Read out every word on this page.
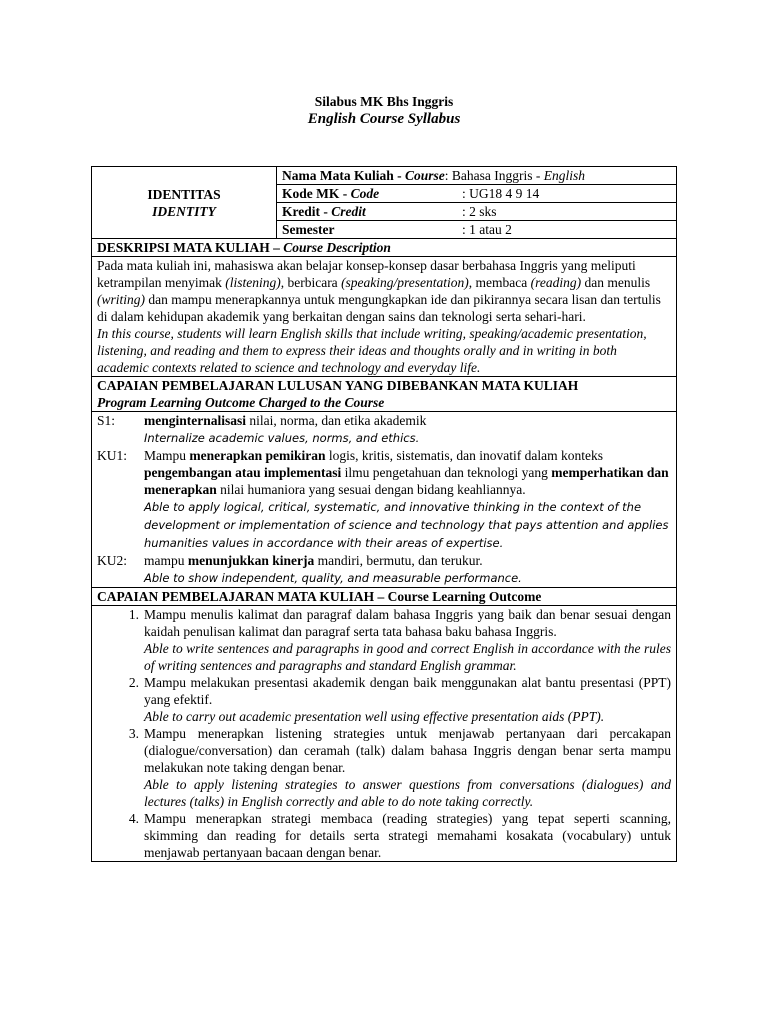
Silabus MK Bhs Inggris
English Course Syllabus
IDENTITAS
IDENTITY
	Nama Mata Kuliah - Course: Bahasa Inggris - English

Kode MK - Code	: UG18 4 9 14

Kredit - Credit	: 2 sks

Semester	: 1 atau 2

DESKRIPSI MATA KULIAH – Course Description

Pada mata kuliah ini, mahasiswa akan belajar konsep-konsep dasar berbahasa Inggris yang meliputi ketrampilan menyimak (listening), berbicara (speaking/presentation), membaca (reading) dan menulis (writing) dan mampu menerapkannya untuk mengungkapkan ide dan pikirannya secara lisan dan tertulis di dalam kehidupan akademik yang berkaitan dengan sains dan teknologi serta sehari-hari.
In this course, students will learn English skills that include writing, speaking/academic presentation, listening, and reading and them to express their ideas and thoughts orally and in writing in both academic contexts related to science and technology and everyday life.

CAPAIAN PEMBELAJARAN LULUSAN YANG DIBEBANKAN MATA KULIAH
Program Learning Outcome Charged to the Course

S1:	menginternalisasi nilai, norma, dan etika akademik
Internalize academic values, norms, and ethics.
KU1:	Mampu menerapkan pemikiran logis, kritis, sistematis, dan inovatif dalam konteks pengembangan atau implementasi ilmu pengetahuan dan teknologi yang memperhatikan dan menerapkan nilai humaniora yang sesuai dengan bidang keahliannya.
Able to apply logical, critical, systematic, and innovative thinking in the context of the development or implementation of science and technology that pays attention and applies humanities values in accordance with their areas of expertise.
KU2:	mampu menunjukkan kinerja mandiri, bermutu, dan terukur.
Able to show independent, quality, and measurable performance.

CAPAIAN PEMBELAJARAN MATA KULIAH – Course Learning Outcome

1. Mampu menulis kalimat dan paragraf dalam bahasa Inggris yang baik dan benar sesuai dengan kaidah penulisan kalimat dan paragraf serta tata bahasa baku bahasa Inggris.
Able to write sentences and paragraphs in good and correct English in accordance with the rules of writing sentences and paragraphs and standard English grammar.
2. Mampu melakukan presentasi akademik dengan baik menggunakan alat bantu presentasi (PPT) yang efektif.
Able to carry out academic presentation well using effective presentation aids (PPT).
3. Mampu menerapkan listening strategies untuk menjawab pertanyaan dari percakapan (dialogue/conversation) dan ceramah (talk) dalam bahasa Inggris dengan benar serta mampu melakukan note taking dengan benar.
Able to apply listening strategies to answer questions from conversations (dialogues) and lectures (talks) in English correctly and able to do note taking correctly.
4. Mampu menerapkan strategi membaca (reading strategies) yang tepat seperti scanning, skimming dan reading for details serta strategi memahami kosakata (vocabulary) untuk menjawab pertanyaan bacaan dengan benar.
